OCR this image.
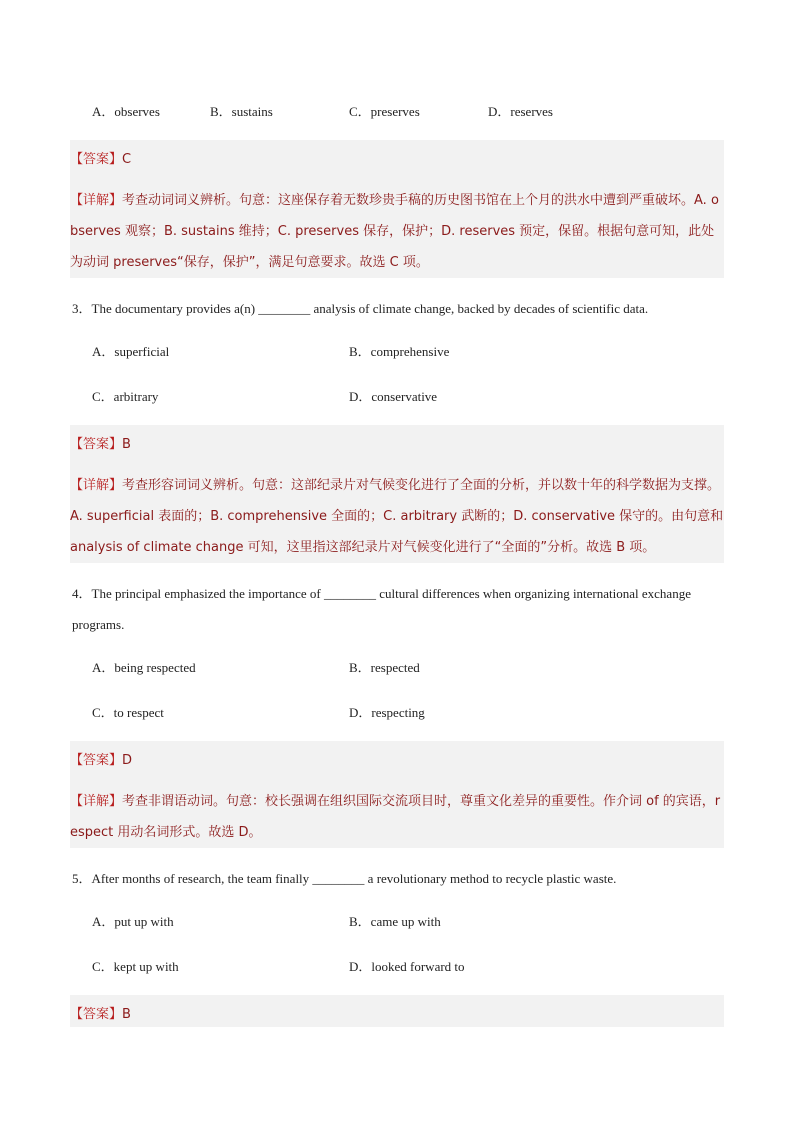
A．observes	B．sustains	C．preserves	D．reserves
【答案】C
【详解】考查动词词义辨析。句意：这座保存着无数珍贵手稿的历史图书馆在上个月的洪水中遭到严重破坏。A. observes 观察；B. sustains 维持；C. preserves 保存，保护；D. reserves 预定，保留。根据句意可知，此处为动词 preserves“保存，保护”，满足句意要求。故选 C 项。
3．The documentary provides a(n) ________ analysis of climate change, backed by decades of scientific data.
A．superficial	B．comprehensive
C．arbitrary	D．conservative
【答案】B
【详解】考查形容词词义辨析。句意：这部纪录片对气候变化进行了全面的分析，并以数十年的科学数据为支撑。A. superficial 表面的；B. comprehensive 全面的；C. arbitrary 武断的；D. conservative 保守的。由句意和 analysis of climate change 可知，这里指这部纪录片对气候变化进行了“全面的”分析。故选 B 项。
4．The principal emphasized the importance of ________ cultural differences when organizing international exchange programs.
A．being respected	B．respected
C．to respect	D．respecting
【答案】D
【详解】考查非谓语动词。句意：校长强调在组织国际交流项目时，尊重文化差异的重要性。作介词 of 的宾语，respect 用动名词形式。故选 D。
5．After months of research, the team finally ________ a revolutionary method to recycle plastic waste.
A．put up with	B．came up with
C．kept up with	D．looked forward to
【答案】B
